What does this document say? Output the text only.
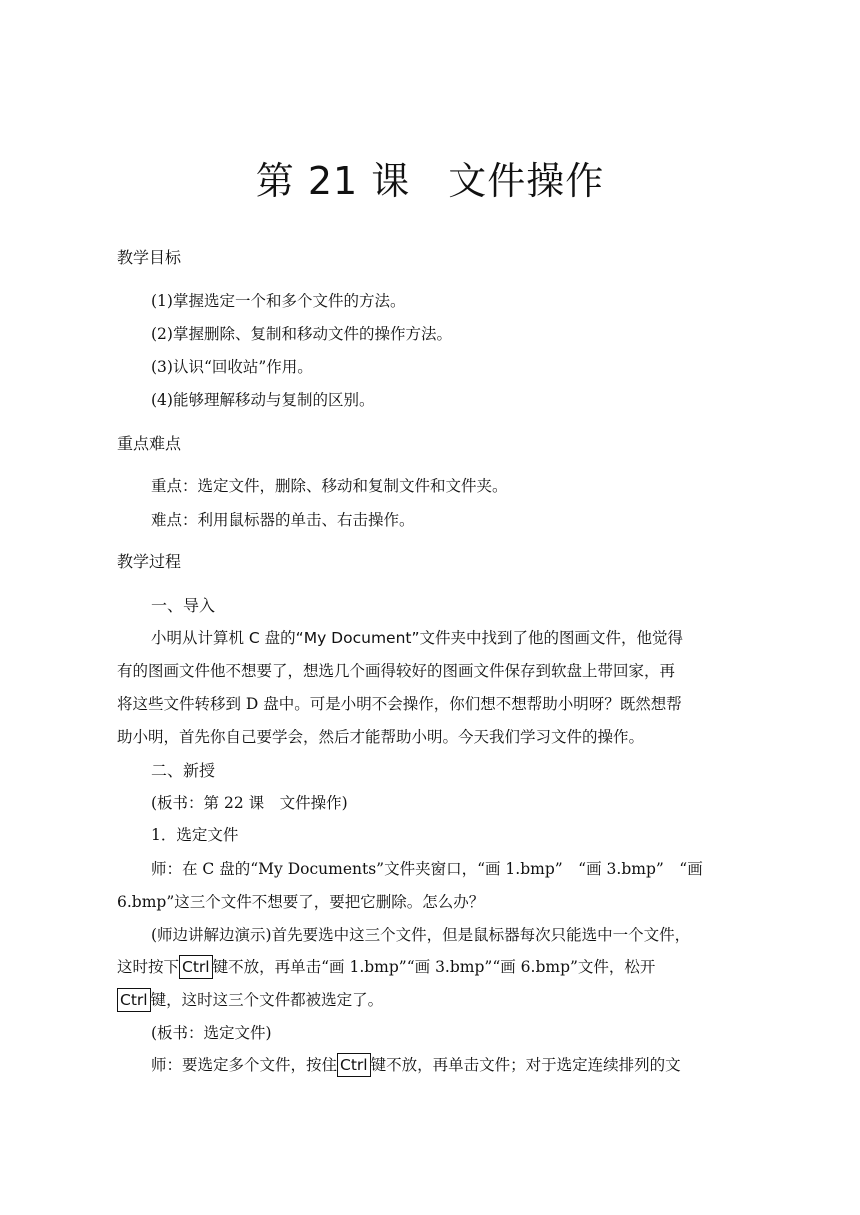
第 21 课 文件操作
教学目标
(1)掌握选定一个和多个文件的方法。
(2)掌握删除、复制和移动文件的操作方法。
(3)认识“回收站”作用。
(4)能够理解移动与复制的区别。
重点难点
重点：选定文件，删除、移动和复制文件和文件夹。
难点：利用鼠标器的单击、右击操作。
教学过程
一、导入
小明从计算机 C 盘的“My Document”文件夹中找到了他的图画文件，他觉得
有的图画文件他不想要了，想选几个画得较好的图画文件保存到软盘上带回家，再
将这些文件转移到 D 盘中。可是小明不会操作，你们想不想帮助小明呀？既然想帮
助小明，首先你自己要学会，然后才能帮助小明。今天我们学习文件的操作。
二、新授
(板书：第 22 课　文件操作)
1．选定文件
师：在 C 盘的“My Documents”文件夹窗口，“画 1.bmp”　“画 3.bmp”　“画
6.bmp”这三个文件不想要了，要把它删除。怎么办？
(师边讲解边演示)首先要选中这三个文件，但是鼠标器每次只能选中一个文件，
这时按下 Ctrl 键不放，再单击“画 1.bmp”“画 3.bmp”“画 6.bmp”文件，松开
Ctrl 键，这时这三个文件都被选定了。
(板书：选定文件)
师：要选定多个文件，按住 Ctrl 键不放，再单击文件；对于选定连续排列的文
